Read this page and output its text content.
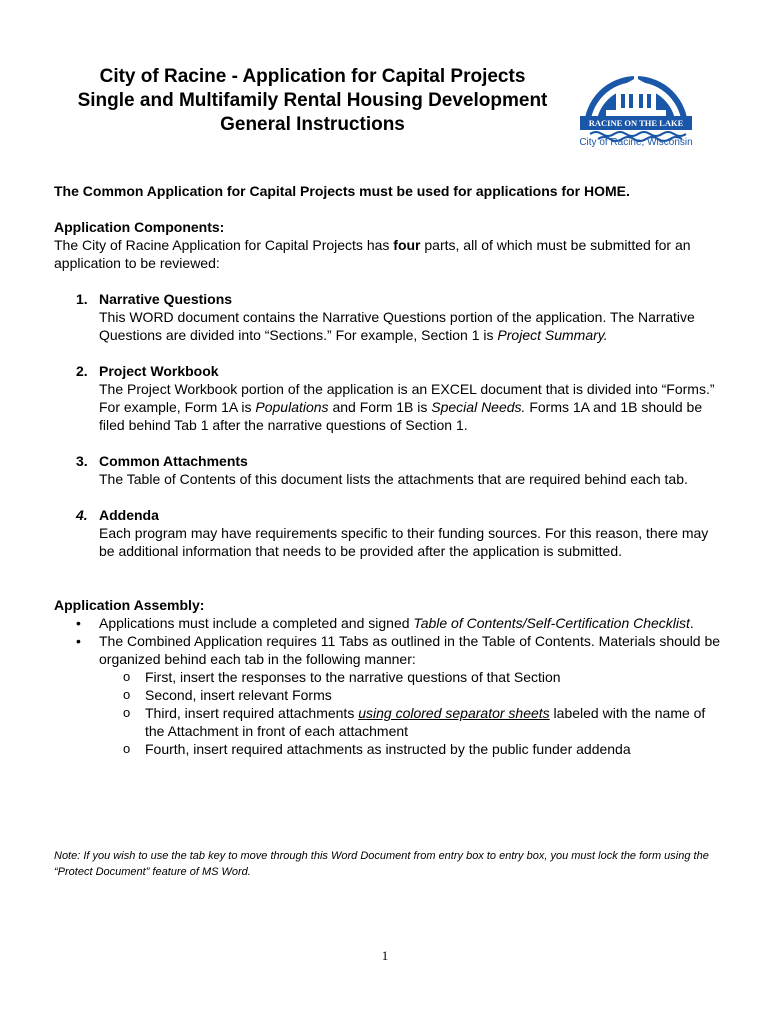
City of Racine - Application for Capital Projects
Single and Multifamily Rental Housing Development
General Instructions	RACINE ON THE LAKE
City of Racine, Wisconsin

The Common Application for Capital Projects must be used for applications for HOME.

Application Components:

The City of Racine Application for Capital Projects has four parts, all of which must be submitted for an application to be reviewed:

1. Narrative Questions
This WORD document contains the Narrative Questions portion of the application. The Narrative Questions are divided into “Sections.” For example, Section 1 is Project Summary.
2. Project Workbook
The Project Workbook portion of the application is an EXCEL document that is divided into “Forms.” For example, Form 1A is Populations and Form 1B is Special Needs. Forms 1A and 1B should be filed behind Tab 1 after the narrative questions of Section 1.
3. Common Attachments
The Table of Contents of this document lists the attachments that are required behind each tab.
4. Addenda
Each program may have requirements specific to their funding sources. For this reason, there may be additional information that needs to be provided after the application is submitted.

Application Assembly:

• Applications must include a completed and signed Table of Contents/Self-Certification Checklist.
• The Combined Application requires 11 Tabs as outlined in the Table of Contents. Materials should be organized behind each tab in the following manner:
o First, insert the responses to the narrative questions of that Section
o Second, insert relevant Forms
o Third, insert required attachments using colored separator sheets labeled with the name of the Attachment in front of each attachment
o Fourth, insert required attachments as instructed by the public funder addenda
Note: If you wish to use the tab key to move through this Word Document from entry box to entry box, you must lock the form using the “Protect Document” feature of MS Word.
1
